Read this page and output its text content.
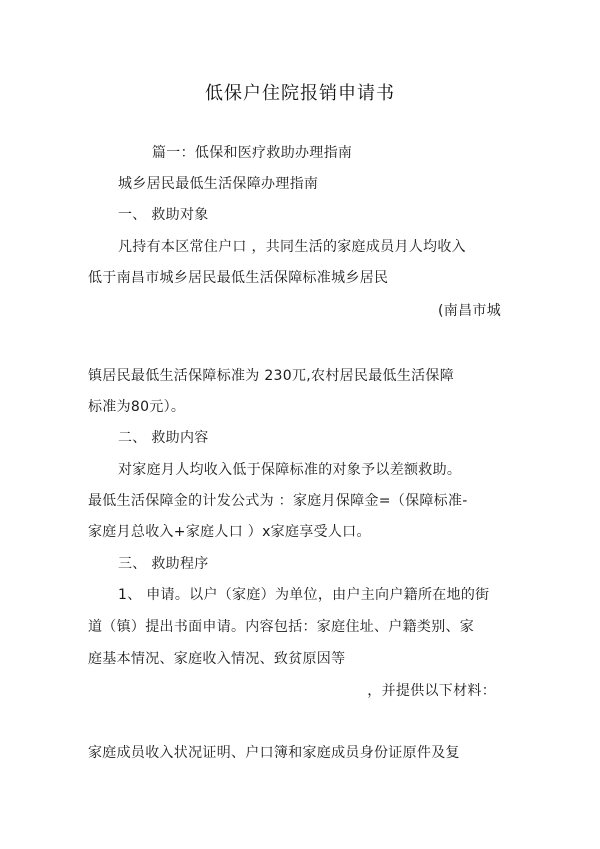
低保户住院报销申请书
篇一：低保和医疗救助办理指南
城乡居民最低生活保障办理指南
一、 救助对象
凡持有本区常住户口 ，共同生活的家庭成员月人均收入
低于南昌市城乡居民最低生活保障标准城乡居民
(南昌市城
镇居民最低生活保障标准为 230兀,农村居民最低生活保障
标准为80元）。
二、 救助内容
对家庭月人均收入低于保障标准的对象予以差额救助。
最低生活保障金的计发公式为 ：家庭月保障金=（保障标准-
家庭月总收入+家庭人口 ）x家庭享受人口。
三、 救助程序
1、 申请。以户（家庭）为单位，由户主向户籍所在地的街
道（镇）提出书面申请。内容包括：家庭住址、户籍类别、家
庭基本情况、家庭收入情况、致贫原因等
，并提供以下材料：
家庭成员收入状况证明、户口簿和家庭成员身份证原件及复
